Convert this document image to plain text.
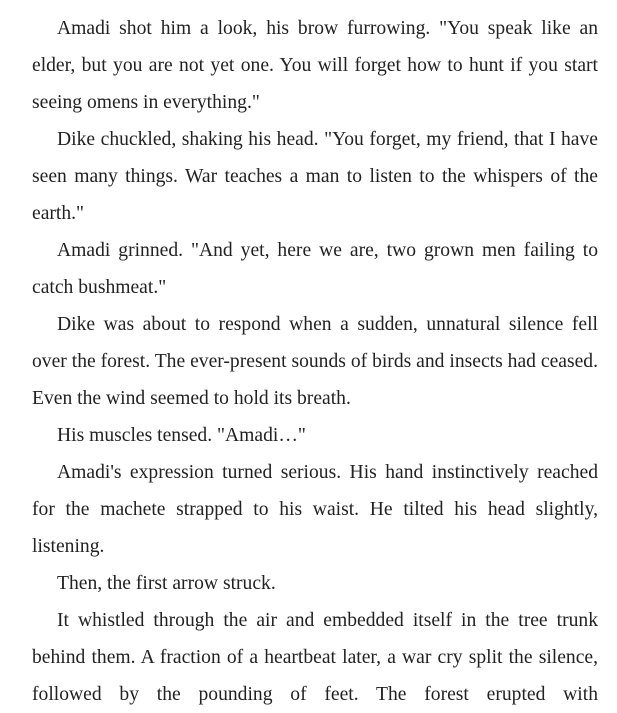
Amadi shot him a look, his brow furrowing. "You speak like an elder, but you are not yet one. You will forget how to hunt if you start seeing omens in everything."

Dike chuckled, shaking his head. "You forget, my friend, that I have seen many things. War teaches a man to listen to the whispers of the earth."

Amadi grinned. "And yet, here we are, two grown men failing to catch bushmeat."

Dike was about to respond when a sudden, unnatural silence fell over the forest. The ever-present sounds of birds and insects had ceased. Even the wind seemed to hold its breath.

His muscles tensed. "Amadi…"

Amadi's expression turned serious. His hand instinctively reached for the machete strapped to his waist. He tilted his head slightly, listening.

Then, the first arrow struck.

It whistled through the air and embedded itself in the tree trunk behind them. A fraction of a heartbeat later, a war cry split the silence, followed by the pounding of feet. The forest erupted with
